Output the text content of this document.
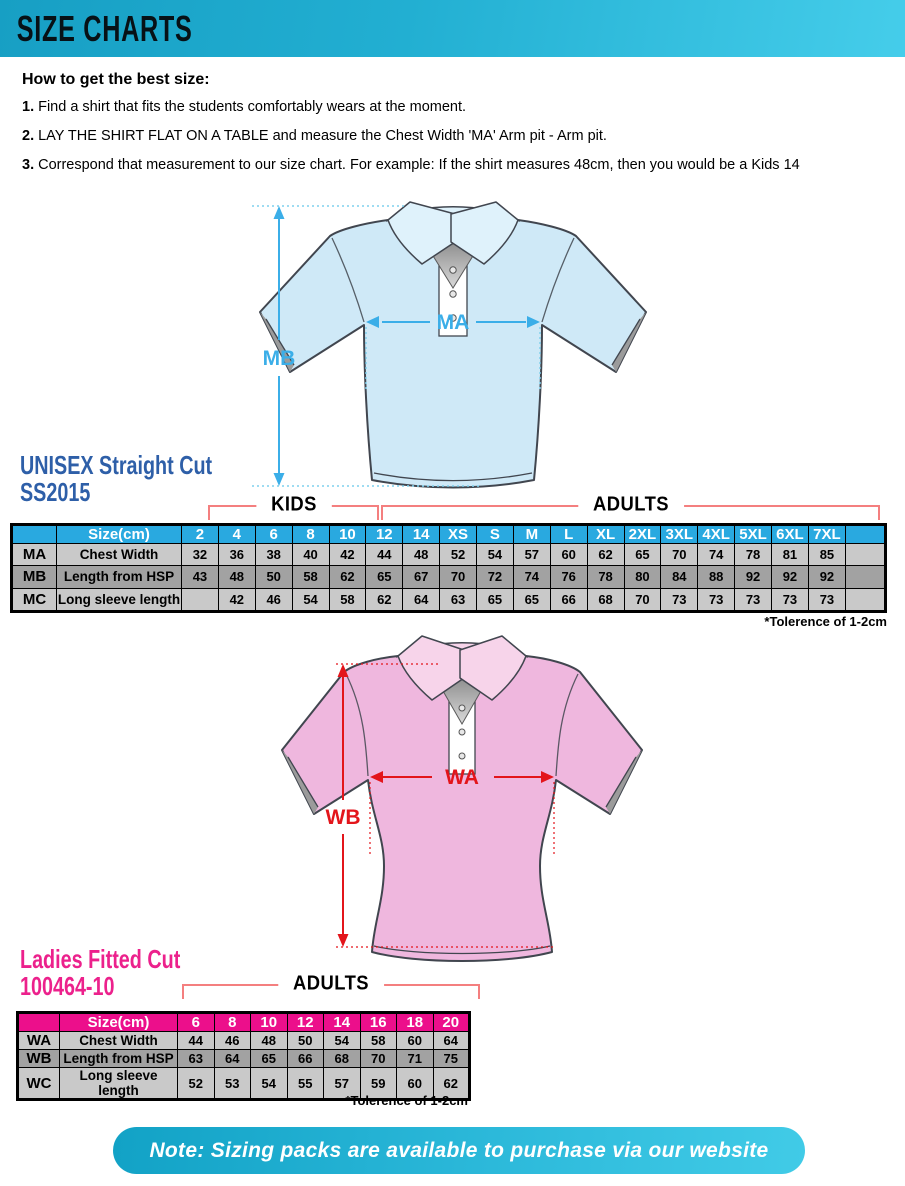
SIZE CHARTS
How to get the best size:

1. Find a shirt that fits the students comfortably wears at the moment.

2. LAY THE SHIRT FLAT ON A TABLE and measure the Chest Width 'MA' Arm pit - Arm pit.

3. Correspond that measurement to our size chart. For example: If the shirt measures 48cm, then you would be a Kids 14

MA
MB
UNISEX Straight Cut
SS2015	KIDS	ADULTS
	Size(cm)	2	4	6	8	10	12	14	XS	S	M	L	XL	2XL	3XL	4XL	5XL	6XL	7XL	
MA	Chest Width	32	36	38	40	42	44	48	52	54	57	60	62	65	70	74	78	81	85	
MB	Length from HSP	43	48	50	58	62	65	67	70	72	74	76	78	80	84	88	92	92	92	
MC	Long sleeve length		42	46	54	58	62	64	63	65	65	66	68	70	73	73	73	73	73	
*Tolerence of 1-2cm
WA
WB
Ladies Fitted Cut
100464-10	ADULTS
	Size(cm)	6	8	10	12	14	16	18	20
WA	Chest Width	44	46	48	50	54	58	60	64
WB	Length from HSP	63	64	65	66	68	70	71	75
WC	Long sleeve length	52	53	54	55	57	59	60	62
*Tolerence of 1-2cm
Note: Sizing packs are available to purchase via our website
